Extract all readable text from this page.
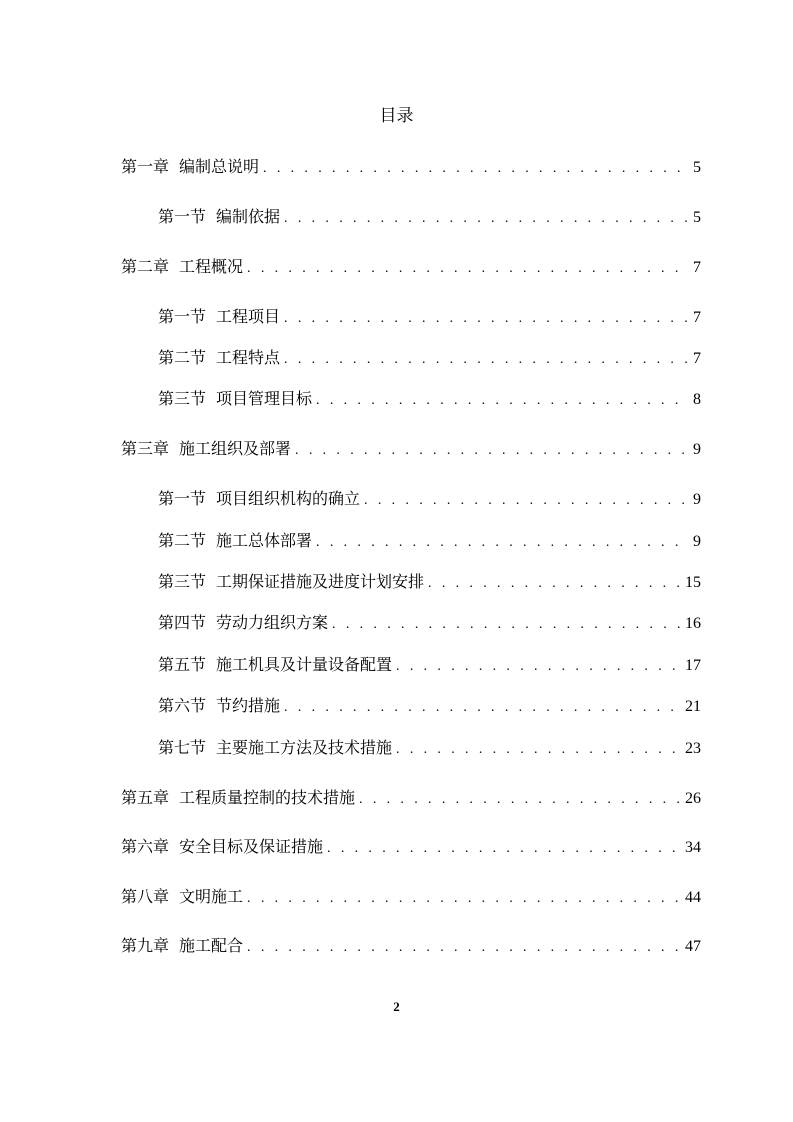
目录
第一章 编制总说明 . . .	5
第一节 编制依据 . . .	5
第二章 工程概况 . . .	7
第一节 工程项目 . . .	7
第二节 工程特点 . . .	7
第三节 项目管理目标 . . .	8
第三章 施工组织及部署 . . .	9
第一节 项目组织机构的确立 . . .	9
第二节 施工总体部署 . . .	9
第三节 工期保证措施及进度计划安排 . . .	15
第四节 劳动力组织方案 . . .	16
第五节 施工机具及计量设备配置 . . .	17
第六节 节约措施 . . .	21
第七节 主要施工方法及技术措施 . . .	23
第五章 工程质量控制的技术措施 . . .	26
第六章 安全目标及保证措施 . . .	34
第八章 文明施工 . . .	44
第九章 施工配合 . . .	47
2
